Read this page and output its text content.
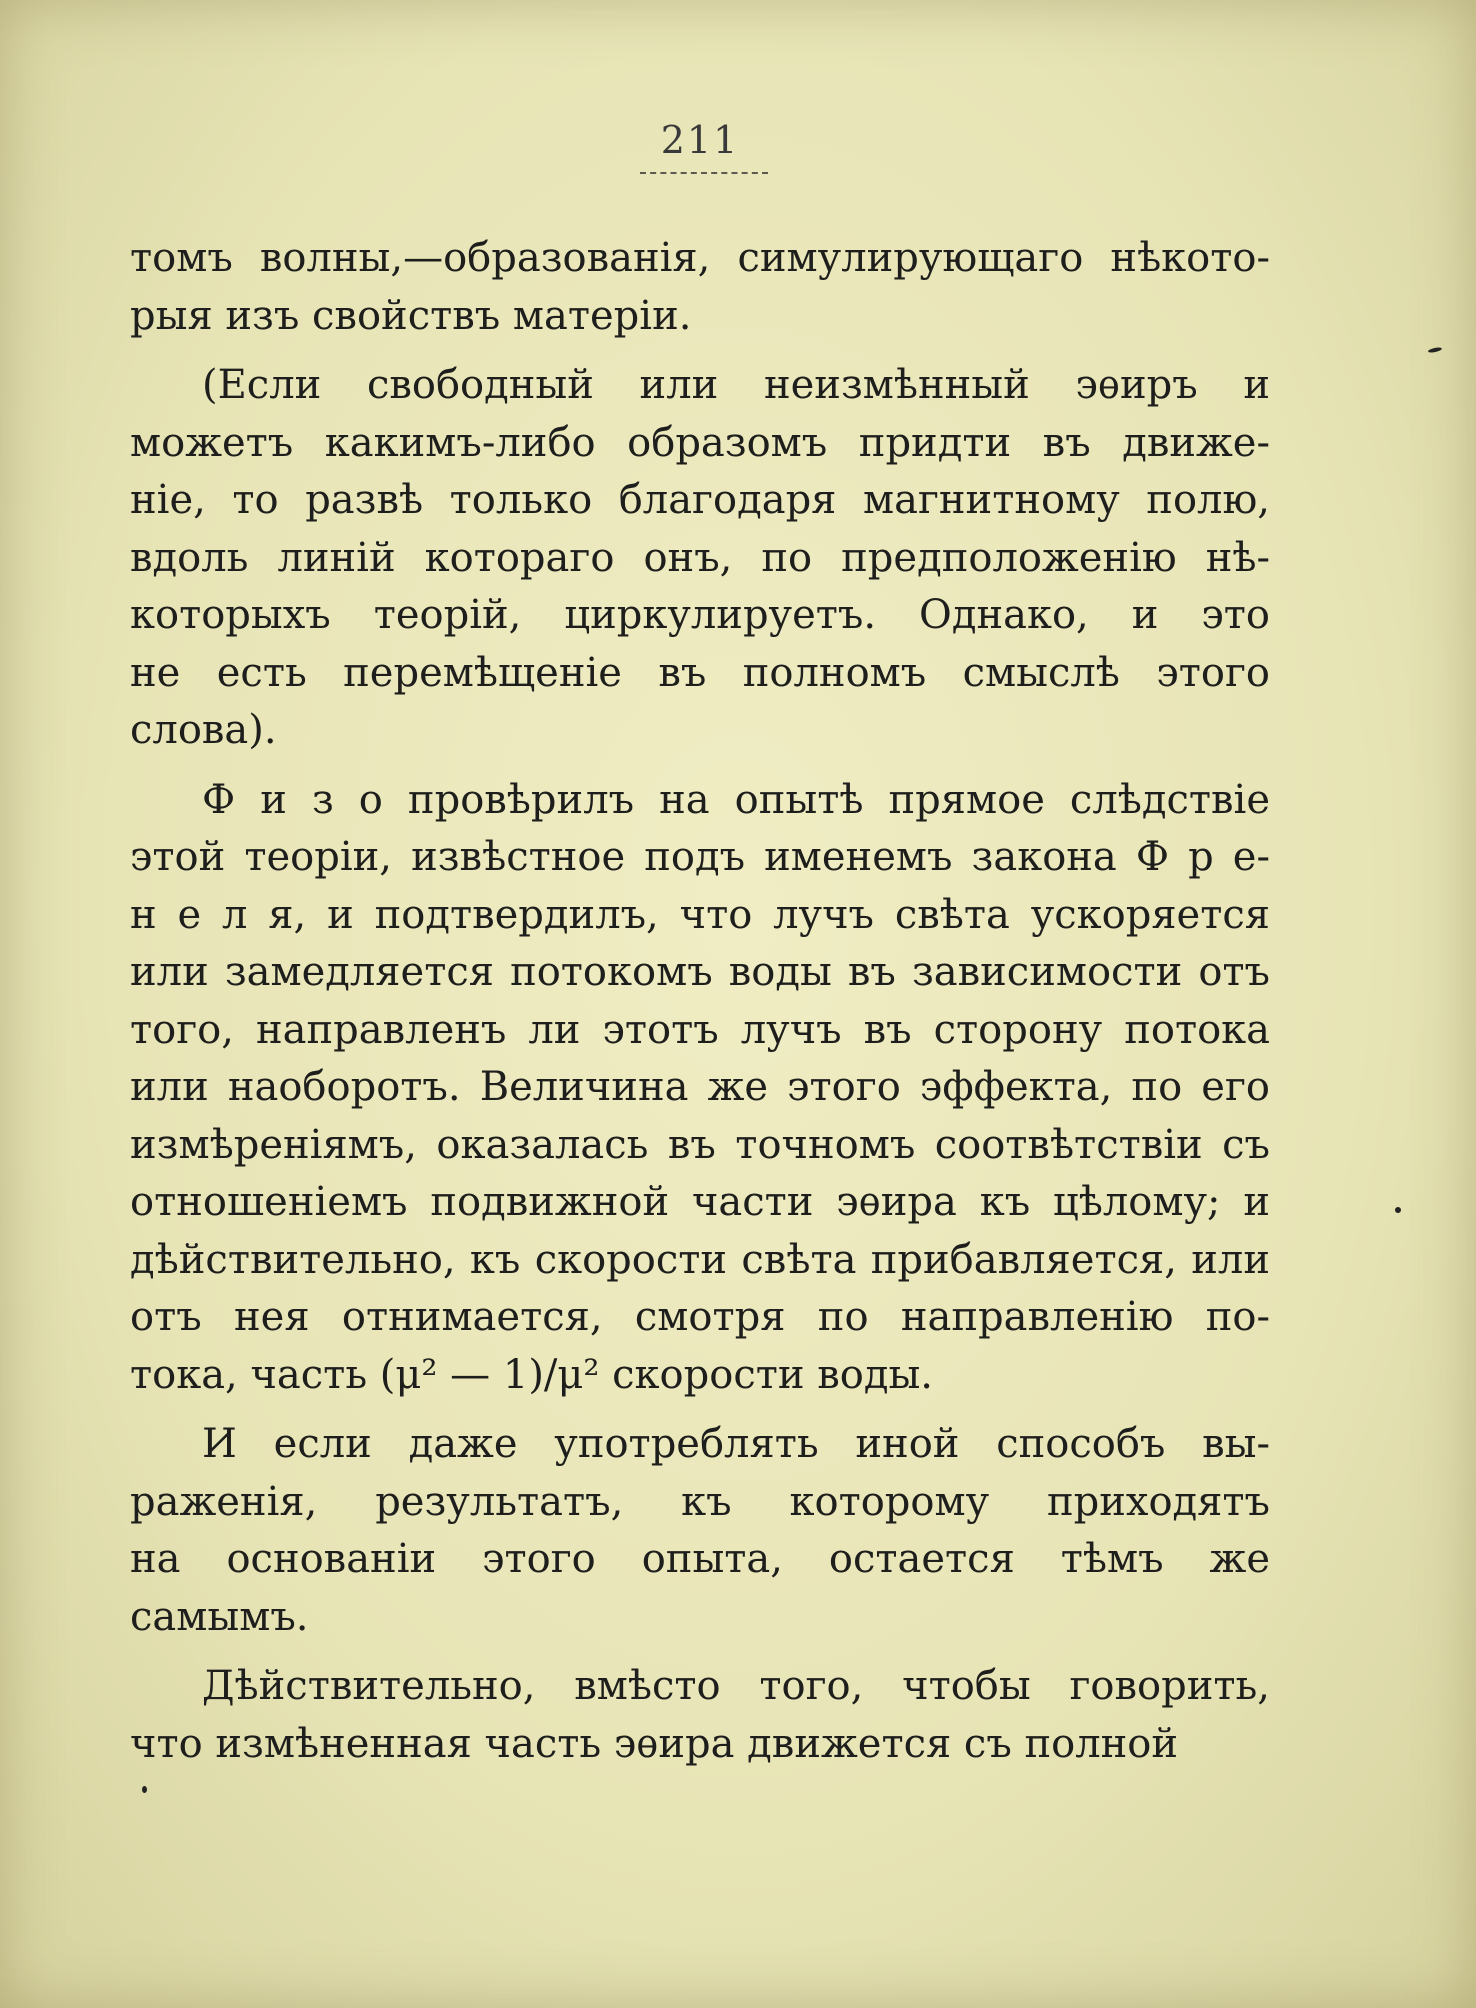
211
томъ волны,—образованія, симулирующаго нѣкото-
рыя изъ свойствъ матеріи.
(Если свободный или неизмѣнный эѳиръ и
можетъ какимъ-либо образомъ придти въ движе-
ніе, то развѣ только благодаря магнитному полю,
вдоль линій котораго онъ, по предположенію нѣ-
которыхъ теорій, циркулируетъ. Однако, и это
не есть перемѣщеніе въ полномъ смыслѣ этого
слова).
Ф и з о провѣрилъ на опытѣ прямое слѣдствіе
этой теоріи, извѣстное подъ именемъ закона Ф р е-
н е л я, и подтвердилъ, что лучъ свѣта ускоряется
или замедляется потокомъ воды въ зависимости отъ
того, направленъ ли этотъ лучъ въ сторону потока
или наоборотъ. Величина же этого эффекта, по его
измѣреніямъ, оказалась въ точномъ соотвѣтствіи съ
отношеніемъ подвижной части эѳира къ цѣлому; и
дѣйствительно, къ скорости свѣта прибавляется, или
отъ нея отнимается, смотря по направленію по-
тока, часть (μ² — 1)/μ² скорости воды.
И если даже употреблять иной способъ вы-
раженія, результатъ, къ которому приходятъ
на основаніи этого опыта, остается тѣмъ же
самымъ.
Дѣйствительно, вмѣсто того, чтобы говорить,
что измѣненная часть эѳира движется съ полной
